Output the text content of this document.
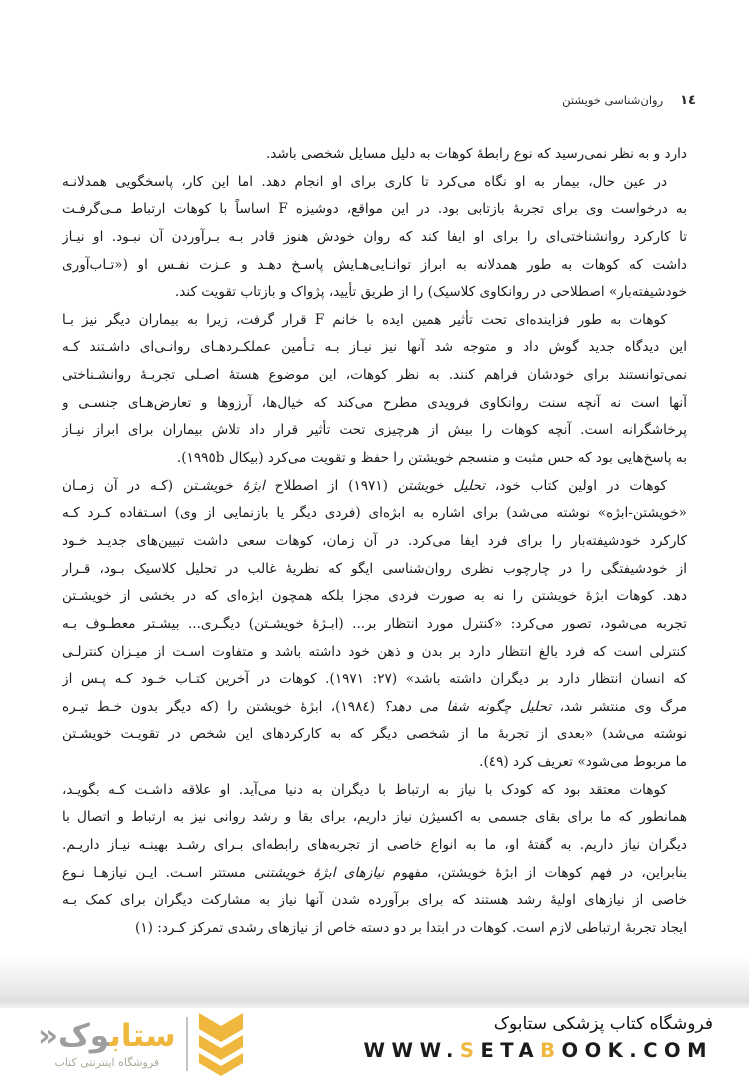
١٤
روان‌شناسی خویشتن
دارد و به نظر نمی‌رسید که نوع رابطۀ کوهات به دلیل مسایل شخصی باشد.
در عین حال، بیمار به او نگاه می‌کرد تا کاری برای او انجام دهد. اما این کار، پاسخگویی همدلانـه
به درخواست وی برای تجربۀ بازتابی بود. در این مواقع، دوشیزه F اساساً با کوهات ارتباط مـی‌گرفـت
تا کارکرد روانشناختی‌ای را برای او ایفا کند که روان خودش هنوز قادر بـه بـرآوردن آن نبـود. او نیـاز
داشت که کوهات به طور همدلانه به ابراز توانـایی‌هـایش پاسـخ دهـد و عـزت نفـس او («تـاب‌آوری
خودشیفته‌بار» اصطلاحی در روانکاوی کلاسیک) را از طریق تأیید، پژواک و بازتاب تقویت کند.
کوهات به طور فزاینده‌ای تحت تأثیر همین ایده با خانم F قرار گرفت، زیرا به بیماران دیگر نیز بـا
این دیدگاه جدید گوش داد و متوجه شد آنها نیز نیـاز بـه تـأمین عملکـردهـای روانـی‌ای داشـتند کـه
نمی‌توانستند برای خودشان فراهم کنند. به نظر کوهات، این موضوع هستۀ اصـلی تجربـۀ روانشـناختی
آنها است نه آنچه سنت روانکاوی فرویدی مطرح می‌کند که خیال‌ها، آرزوها و تعارض‌هـای جنسـی و
پرخاشگرانه است. آنچه کوهات را بیش از هرچیزی تحت تأثیر قرار داد تلاش بیماران برای ابراز نیـاز
به پاسخ‌هایی بود که حس مثبت و منسجم خویشتن را حفظ و تقویت می‌کرد (بیکال ١٩٩٥b).
کوهات در اولین کتاب خود، تحلیل خویشتن (١٩٧١) از اصطلاح ابژۀ خویشـتن (کـه در آن زمـان
«خویشتن-ابژه» نوشته می‌شد) برای اشاره به ابژه‌ای (فردی دیگر یا بازنمایی از وی) اسـتفاده کـرد کـه
کارکرد خودشیفته‌بار را برای فرد ایفا می‌کرد. در آن زمان، کوهات سعی داشت تبیین‌های جدیـد خـود
از خودشیفتگی را در چارچوب نظری روان‌شناسی ایگو که نظریۀ غالب در تحلیل کلاسیک بـود، قـرار
دهد. کوهات ابژۀ خویشتن را نه به صورت فردی مجزا بلکه همچون ابژه‌ای که در بخشی از خویشـتن
تجربه می‌شود، تصور می‌کرد: «کنترل مورد انتظار بر... (ابـژۀ خویشـتن) دیگـری... بیشـتر معطـوف بـه
کنترلی است که فرد بالغ انتظار دارد بر بدن و ذهن خود داشته باشد و متفاوت اسـت از میـزان کنترلـی
که انسان انتظار دارد بر دیگران داشته باشد» (٢٧: ١٩٧١). کوهات در آخرین کتـاب خـود کـه پـس از
مرگ وی منتشر شد، تحلیل چگونه شفا می دهد؟ (١٩٨٤)، ابژۀ خویشتن را (که دیگر بدون خـط تیـره
نوشته می‌شد) «بعدی از تجربۀ ما از شخصی دیگر که به کارکردهای این شخص در تقویـت خویشـتن
ما مربوط می‌شود» تعریف کرد (٤٩).
کوهات معتقد بود که کودک با نیاز به ارتباط با دیگران به دنیا می‌آید. او علاقه داشـت کـه بگویـد،
همانطور که ما برای بقای جسمی به اکسیژن نیاز داریم، برای بقا و رشد روانی نیز به ارتباط و اتصال با
دیگران نیاز داریم. به گفتۀ او، ما به انواع خاصی از تجربه‌های رابطه‌ای بـرای رشـد بهینـه نیـاز داریـم.
بنابراین، در فهم کوهات از ابژۀ خویشتن، مفهوم نیازهای ابژۀ خویشتنی مستتر اسـت. ایـن نیازهـا نـوع
خاصی از نیازهای اولیۀ رشد هستند که برای برآورده شدن آنها نیاز به مشارکت دیگران برای کمک بـه
ایجاد تجربۀ ارتباطی لازم است. کوهات در ابتدا بر دو دسته خاص از نیازهای رشدی تمرکز کـرد: (١)
فروشگاه کتاب پزشکی ستابوک
WWW.SETABOOK.COM
ستابوک«
فروشگاه اینترنتی کتاب
